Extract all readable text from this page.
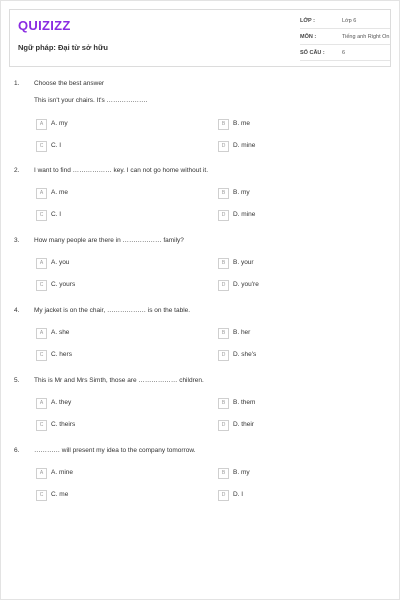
QUIZIZZ
Ngữ pháp: Đại từ sở hữu
LỚP :	Lớp 6
MÔN :	Tiếng anh Right On
SỐ CÂU :	6
1. Choose the best answer
This isn't your chairs. It's ……………….
A	A. my	B	B. me
C	C. I	D	D. mine
2. I want to find ……………… key. I can not go home without it.
A	A. me	B	B. my
C	C. I	D	D. mine
3. How many people are there in ……………… family?
A	A. you	B	B. your
C	C. yours	D	D. you're
4. My jacket is on the chair, ……………… is on the table.
A	A. she	B	B. her
C	C. hers	D	D. she's
5. This is Mr and Mrs Simth, those are ……………… children.
A	A. they	B	B. them
C	C. theirs	D	D. their
6. ………… will present my idea to the company tomorrow.
A	A. mine	B	B. my
C	C. me	D	D. I
